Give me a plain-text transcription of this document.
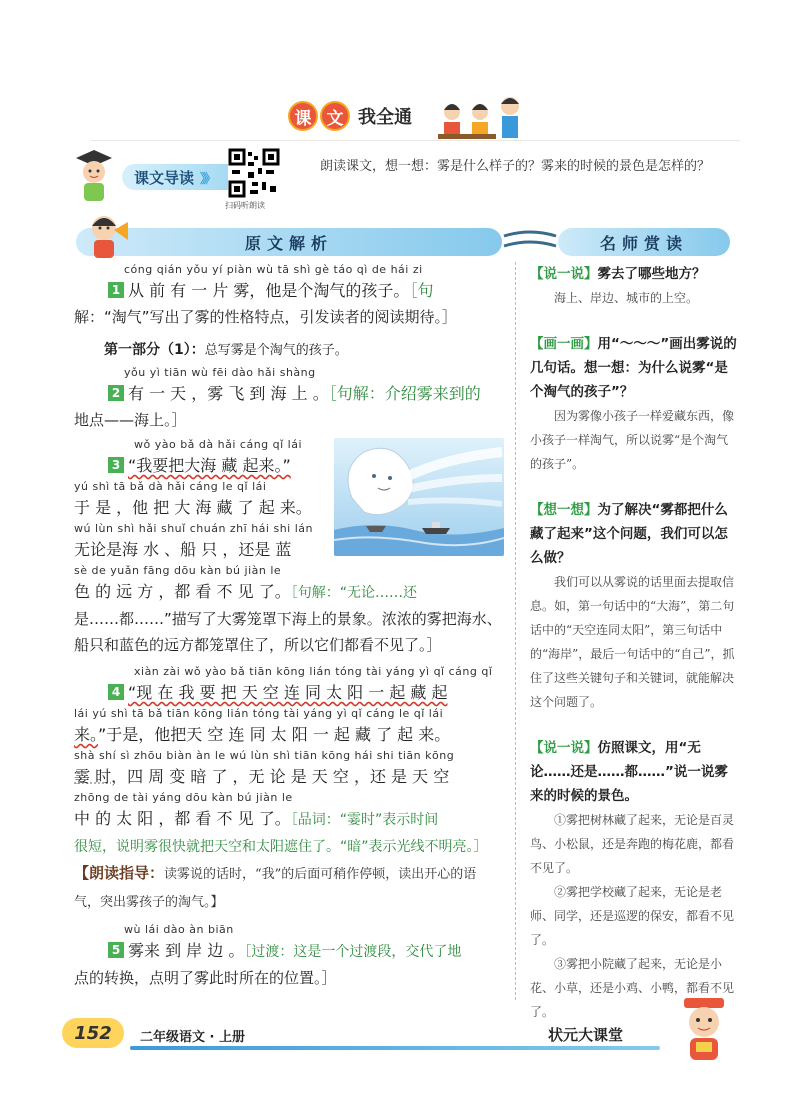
课 文 我全通
课文导读 》》
扫码听朗读
朗读课文，想一想：雾是什么样子的？雾来的时候的景色是怎样的？
原文解析	名师赏读
cóng qián yǒu yí piàn wù tā shì gè táo qì de hái zi
1 从 前 有 一 片 雾，他是个淘气的孩子。［句
解：“淘气”写出了雾的性格特点，引发读者的阅读期待。］
第一部分（1）：总写雾是个淘气的孩子。
yǒu yì tiān wù fēi dào hǎi shàng
2 有 一 天 ，雾 飞 到 海 上 。［句解：介绍雾来到的
地点——海上。］
wǒ yào bǎ dà hǎi cáng qǐ lái
3 “我要把大海 藏 起来。”
yú shì tā bǎ dà hǎi cáng le qǐ lái
于 是 ，他 把 大 海 藏 了 起 来。
wú lùn shì hǎi shuǐ chuán zhī hái shi lán
无论是海 水 、船 只 ，还是 蓝
sè de yuǎn fāng dōu kàn bú jiàn le
色 的 远 方 ，都 看 不 见 了。［句解：“无论……还
是……都……”描写了大雾笼罩下海上的景象。浓浓的雾把海水、船只和蓝色的远方都笼罩住了，所以它们都看不见了。］
xiàn zài wǒ yào bǎ tiān kōng lián tóng tài yáng yì qǐ cáng qǐ
4 “现 在 我 要 把 天 空 连 同 太 阳 一 起 藏 起
lái yú shì tā bǎ tiān kōng lián tóng tài yáng yì qǐ cáng le qǐ lái
来。”于是，他把天 空 连 同 太 阳 一 起 藏 了 起 来。
shà shí sì zhōu biàn àn le wú lùn shì tiān kōng hái shi tiān kōng
霎 时，四 周 变 暗 了 ，无 论 是 天 空 ，还 是 天 空
zhōng de tài yáng dōu kàn bú jiàn le
中 的 太 阳 ，都 看 不 见 了。［品词：“霎时”表示时间
很短，说明雾很快就把天空和太阳遮住了。“暗”表示光线不明亮。］【朗读指导：读雾说的话时，“我”的后面可稍作停顿，读出开心的语气，突出雾孩子的淘气。】
wù lái dào àn biān
5 雾来 到 岸 边 。［过渡：这是一个过渡段，交代了地
点的转换，点明了雾此时所在的位置。］
【说一说】雾去了哪些地方？
海上、岸边、城市的上空。
【画一画】用“～～～”画出雾说的几句话。想一想：为什么说雾“是个淘气的孩子”？
因为雾像小孩子一样爱藏东西，像小孩子一样淘气，所以说雾“是个淘气的孩子”。
【想一想】为了解决“雾都把什么藏了起来”这个问题，我们可以怎么做？
我们可以从雾说的话里面去提取信息。如，第一句话中的“大海”，第二句话中的“天空连同太阳”，第三句话中的“海岸”，最后一句话中的“自己”，抓住了这些关键句子和关键词，就能解决这个问题了。
【说一说】仿照课文，用“无论……还是……都……”说一说雾来的时候的景色。
①雾把树林藏了起来，无论是百灵鸟、小松鼠，还是奔跑的梅花鹿，都看不见了。
②雾把学校藏了起来，无论是老师、同学，还是巡逻的保安，都看不见了。
③雾把小院藏了起来，无论是小花、小草，还是小鸡、小鸭，都看不见了。
152	二年级语文 · 上册	状元大课堂
